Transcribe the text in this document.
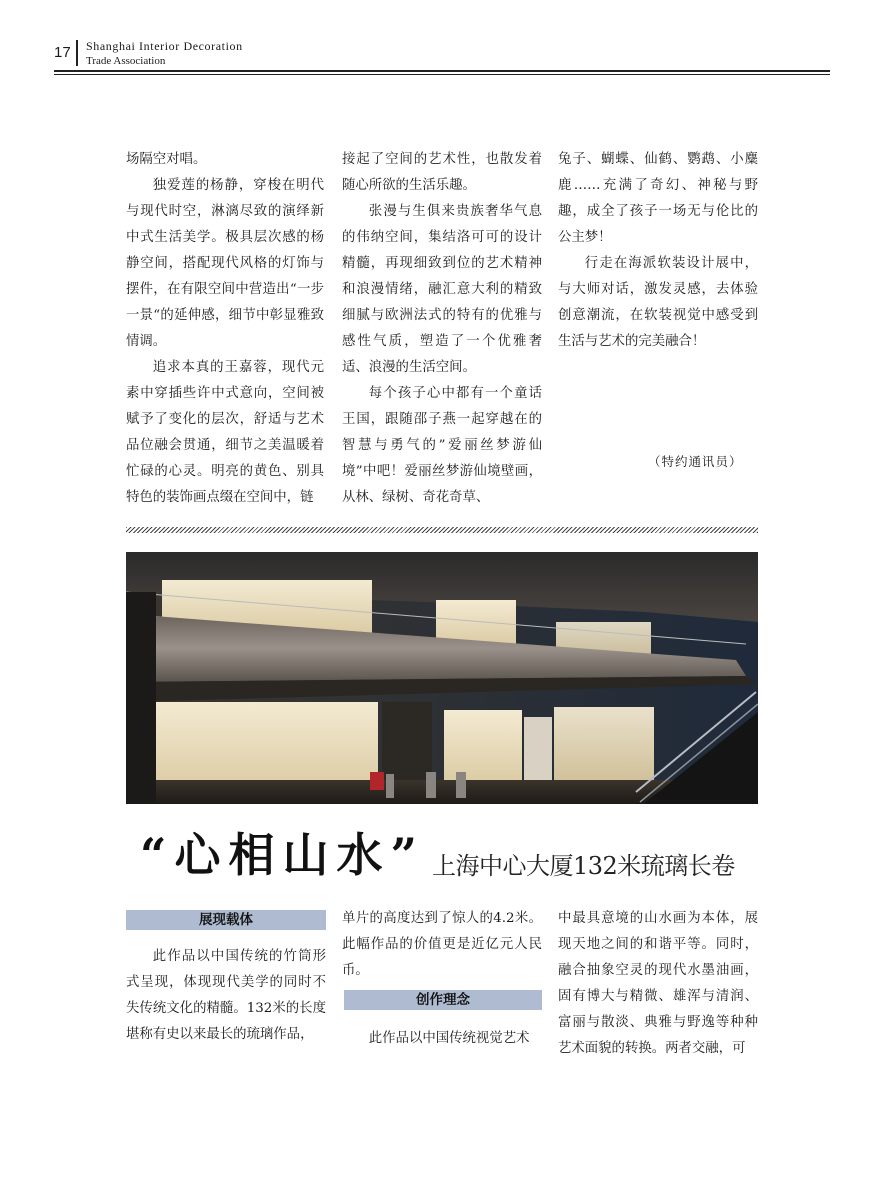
17 Shanghai Interior Decoration
Trade Association

场隔空对唱。

独爱莲的杨静，穿梭在明代与现代时空，淋漓尽致的演绎新中式生活美学。极具层次感的杨静空间，搭配现代风格的灯饰与摆件，在有限空间中营造出“一步一景“的延伸感，细节中彰显雅致情调。

追求本真的王嘉蓉，现代元素中穿插些许中式意向，空间被赋予了变化的层次，舒适与艺术品位融会贯通，细节之美温暖着忙碌的心灵。明亮的黄色、别具特色的装饰画点缀在空间中，链

接起了空间的艺术性，也散发着随心所欲的生活乐趣。

张漫与生俱来贵族奢华气息的伟纳空间，集结洛可可的设计精髓，再现细致到位的艺术精神和浪漫情绪，融汇意大利的精致细腻与欧洲法式的特有的优雅与感性气质，塑造了一个优雅奢适、浪漫的生活空间。

每个孩子心中都有一个童话王国，跟随邵子燕一起穿越在的智慧与勇气的”爱丽丝梦游仙境”中吧！爱丽丝梦游仙境壁画，从林、绿树、奇花奇草、

兔子、蝴蝶、仙鹤、鹦鹉、小麋鹿……充满了奇幻、神秘与野趣，成全了孩子一场无与伦比的公主梦！

行走在海派软装设计展中，与大师对话，激发灵感，去体验创意潮流，在软装视觉中感受到生活与艺术的完美融合！

（特约通讯员）
“心相山水” 上海中心大厦132米琉璃长卷
展现载体
创作理念

此作品以中国传统的竹筒形式呈现，体现现代美学的同时不失传统文化的精髓。132米的长度堪称有史以来最长的琉璃作品，

单片的高度达到了惊人的4.2米。此幅作品的价值更是近亿元人民币。

此作品以中国传统视觉艺术

中最具意境的山水画为本体，展现天地之间的和谐平等。同时，融合抽象空灵的现代水墨油画，固有博大与精微、雄浑与清润、富丽与散淡、典雅与野逸等种种艺术面貌的转换。两者交融，可
